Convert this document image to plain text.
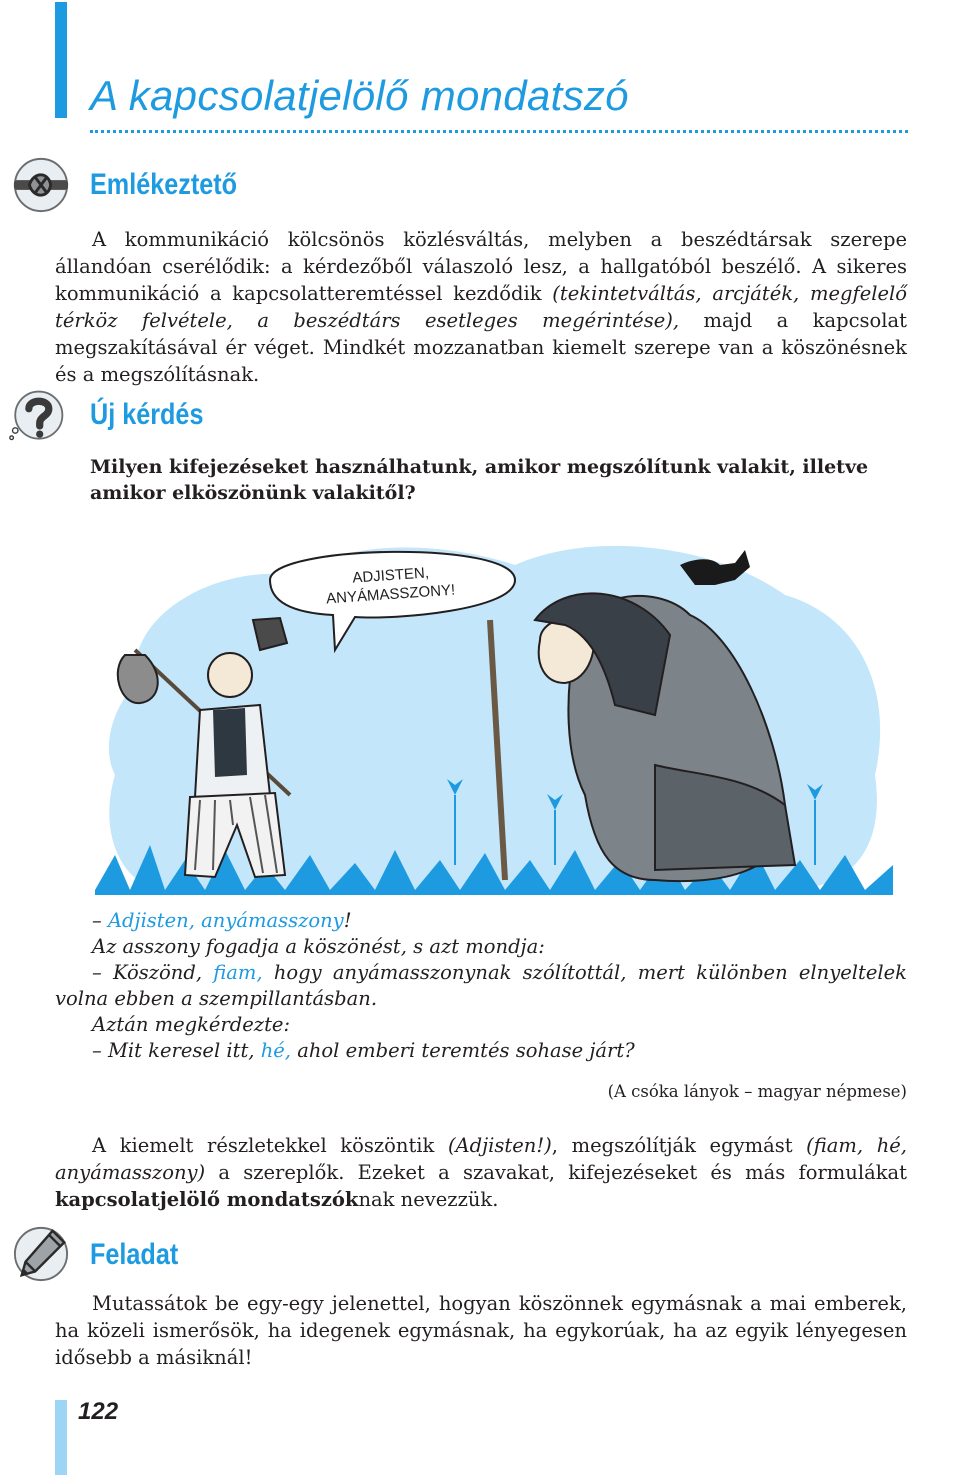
A kapcsolatjelölő mondatszó
Emlékeztető

A kommunikáció kölcsönös közlésváltás, melyben a beszédtársak szerepe állandóan cserélődik: a kérdezőből válaszoló lesz, a hallgatóból beszélő. A sikeres kommunikáció a kapcsolatteremtéssel kezdődik (tekintetváltás, arcjáték, megfelelő térköz felvétele, a beszédtárs esetleges megérintése), majd a kapcsolat megszakításával ér véget. Mindkét mozzanatban kiemelt szerepe van a köszönésnek és a megszólításnak.

Új kérdés
Milyen kifejezéseket használhatunk, amikor megszólítunk valakit, illetve amikor elköszönünk valakitől?
ADJISTEN,
ANYÁMASSZONY!
– Adjisten, anyámasszony!
Az asszony fogadja a köszönést, s azt mondja:
– Köszönd, fiam, hogy anyámasszonynak szólítottál, mert különben elnyeltelek volna ebben a szempillantásban.
Aztán megkérdezte:
– Mit keresel itt, hé, ahol emberi teremtés sohase járt?
(A csóka lányok – magyar népmese)

A kiemelt részletekkel köszöntik (Adjisten!), megszólítják egymást (fiam, hé, anyámasszony) a szereplők. Ezeket a szavakat, kifejezéseket és más formulákat kapcsolatjelölő mondatszóknak nevezzük.

Feladat

Mutassátok be egy-egy jelenettel, hogyan köszönnek egymásnak a mai emberek, ha közeli ismerősök, ha idegenek egymásnak, ha egykorúak, ha az egyik lényegesen idősebb a másiknál!

122
